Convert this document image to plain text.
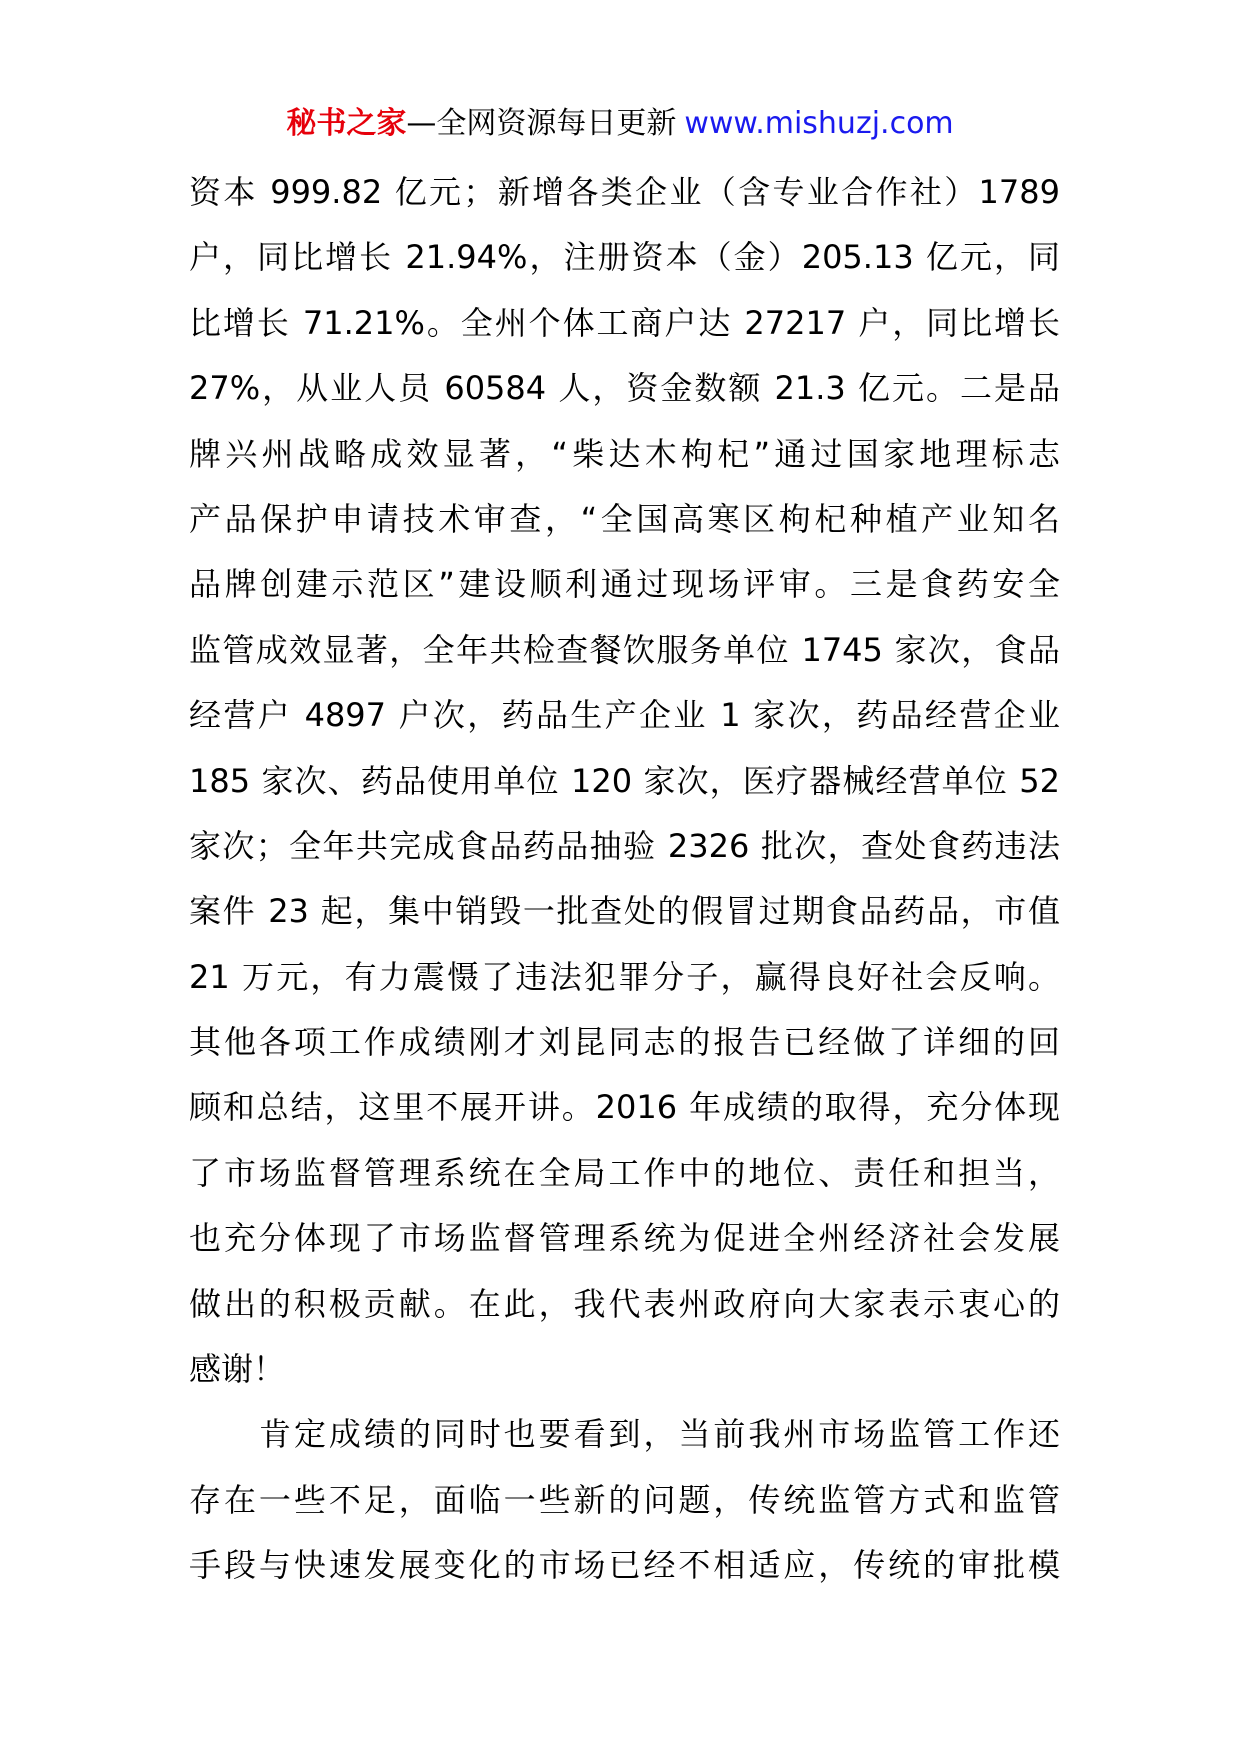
秘书之家—全网资源每日更新 www.mishuzj.com
资本 999.82 亿元；新增各类企业（含专业合作社）1789
户，同比增长 21.94%，注册资本（金）205.13 亿元，同
比增长 71.21%。全州个体工商户达 27217 户，同比增长
27%，从业人员 60584 人，资金数额 21.3 亿元。二是品
牌兴州战略成效显著，“柴达木枸杞”通过国家地理标志
产品保护申请技术审查，“全国高寒区枸杞种植产业知名
品牌创建示范区”建设顺利通过现场评审。三是食药安全
监管成效显著，全年共检查餐饮服务单位 1745 家次，食品
经营户 4897 户次，药品生产企业 1 家次，药品经营企业
185 家次、药品使用单位 120 家次，医疗器械经营单位 52
家次；全年共完成食品药品抽验 2326 批次，查处食药违法
案件 23 起，集中销毁一批查处的假冒过期食品药品，市值
21 万元，有力震慑了违法犯罪分子，赢得良好社会反响。
其他各项工作成绩刚才刘昆同志的报告已经做了详细的回
顾和总结，这里不展开讲。2016 年成绩的取得，充分体现
了市场监督管理系统在全局工作中的地位、责任和担当，
也充分体现了市场监督管理系统为促进全州经济社会发展
做出的积极贡献。在此，我代表州政府向大家表示衷心的
感谢！
肯定成绩的同时也要看到，当前我州市场监管工作还
存在一些不足，面临一些新的问题，传统监管方式和监管
手段与快速发展变化的市场已经不相适应，传统的审批模
